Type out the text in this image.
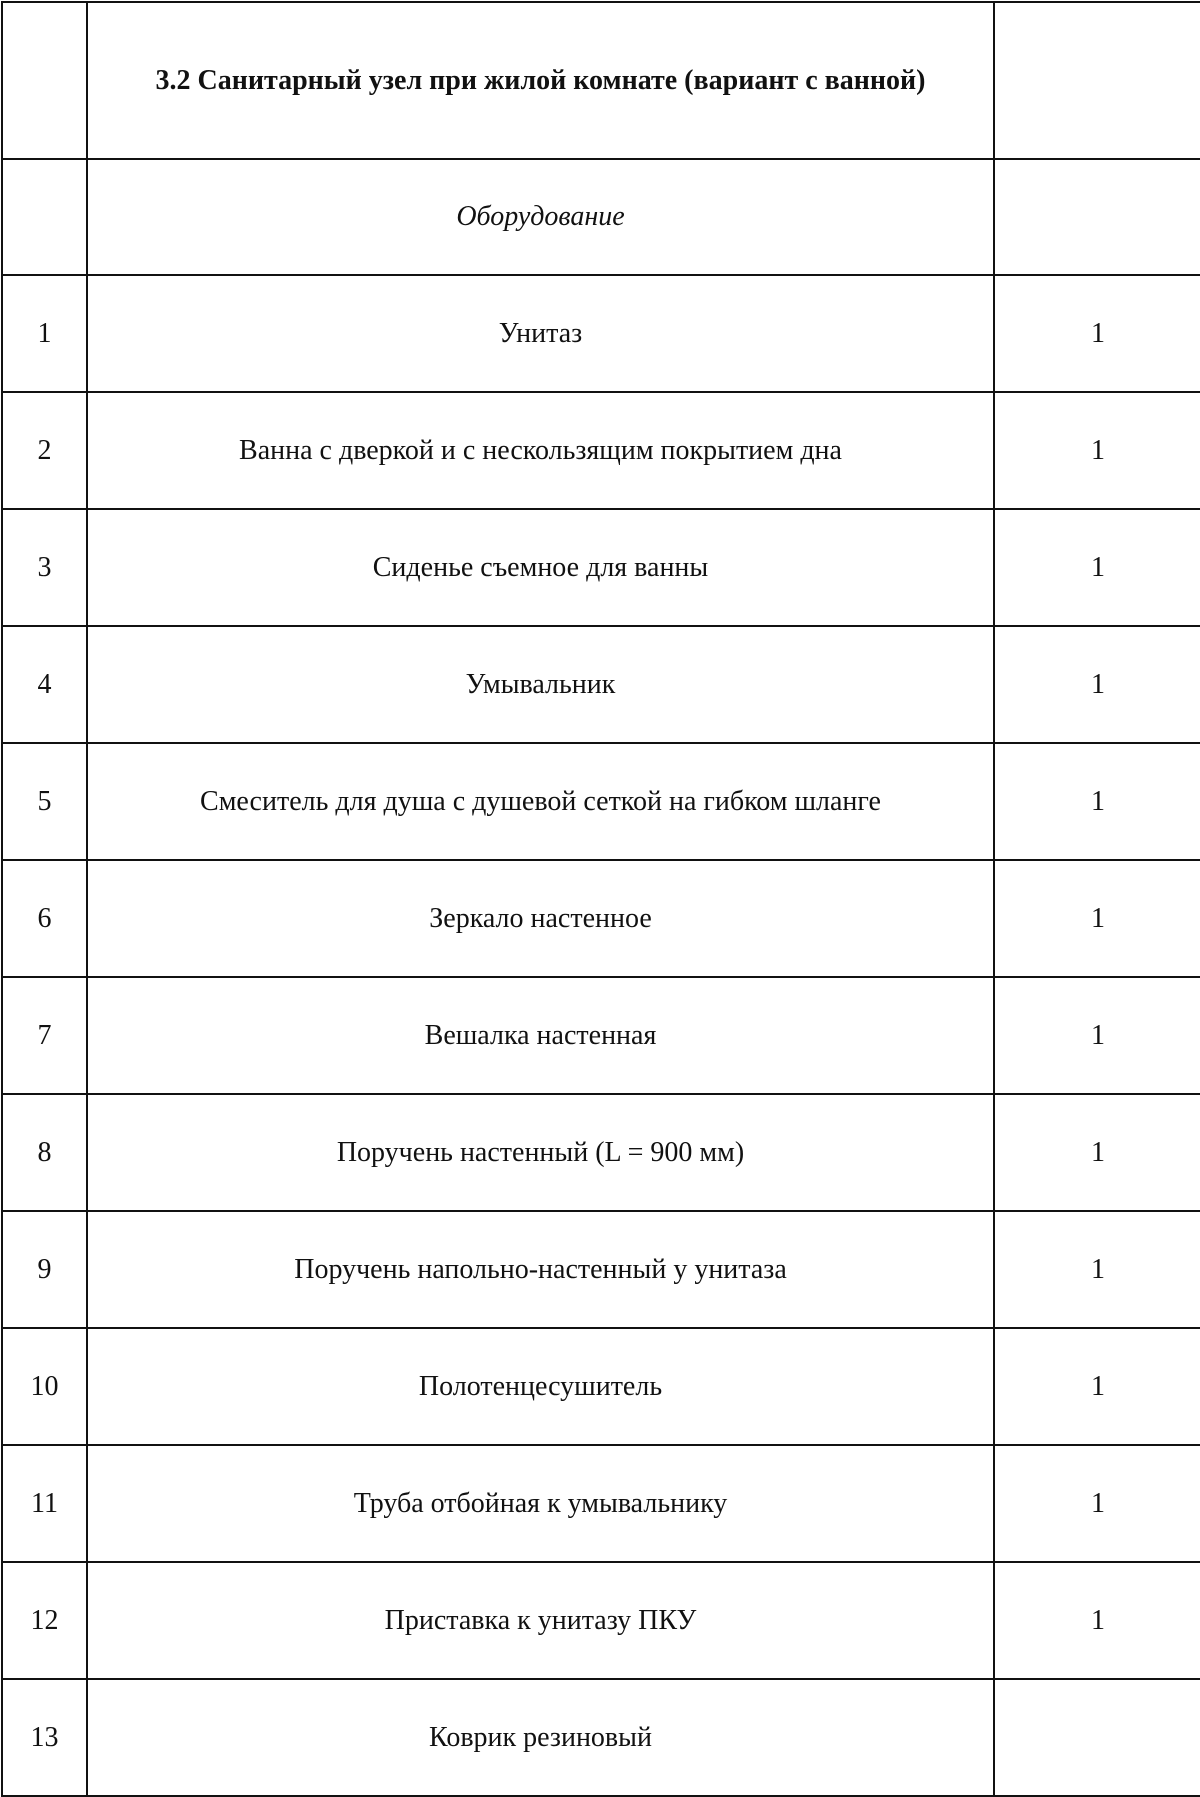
	3.2 Санитарный узел при жилой комнате (вариант с ванной)	
	Оборудование	
1	Унитаз	1
2	Ванна с дверкой и с нескользящим покрытием дна	1
3	Сиденье съемное для ванны	1
4	Умывальник	1
5	Смеситель для душа с душевой сеткой на гибком шланге	1
6	Зеркало настенное	1
7	Вешалка настенная	1
8	Поручень настенный (L = 900 мм)	1
9	Поручень напольно-настенный у унитаза	1
10	Полотенцесушитель	1
11	Труба отбойная к умывальнику	1
12	Приставка к унитазу ПКУ	1
13	Коврик резиновый	
